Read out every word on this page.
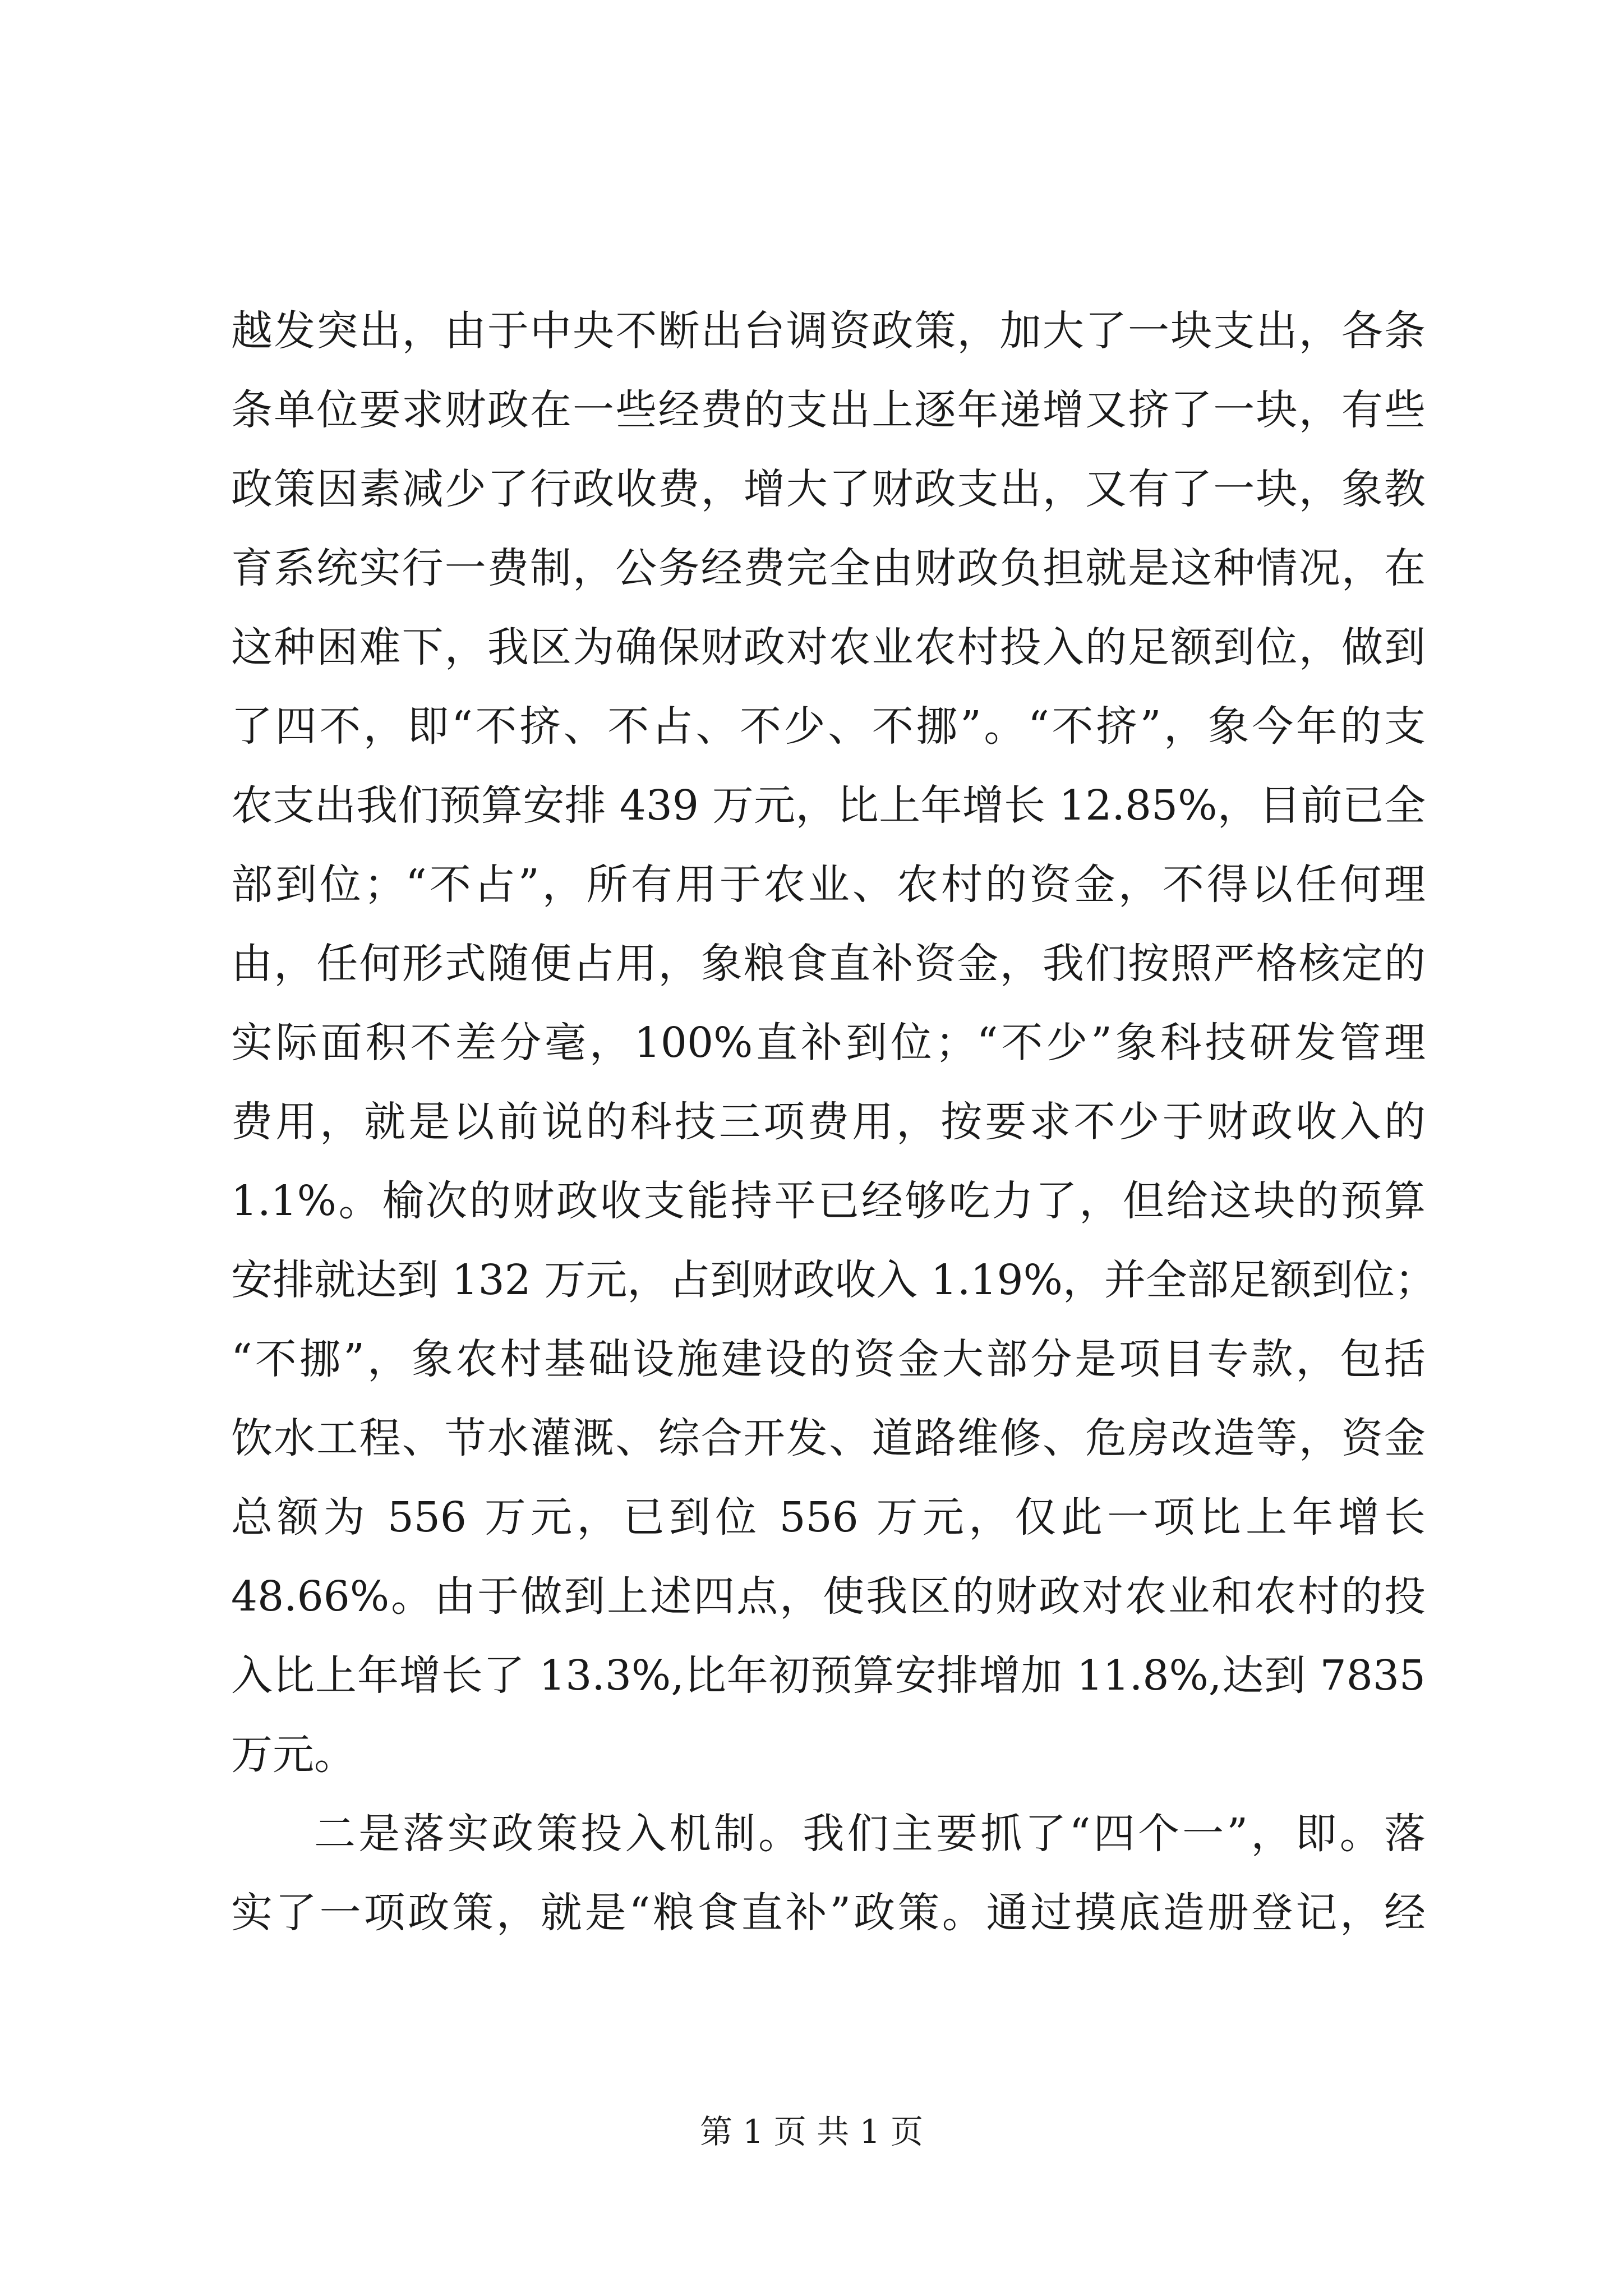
越发突出，由于中央不断出台调资政策，加大了一块支出，各条
条单位要求财政在一些经费的支出上逐年递增又挤了一块，有些
政策因素减少了行政收费，增大了财政支出，又有了一块，象教
育系统实行一费制，公务经费完全由财政负担就是这种情况，在
这种困难下，我区为确保财政对农业农村投入的足额到位，做到
了四不，即“不挤、不占、不少、不挪”。“不挤”，象今年的支
农支出我们预算安排 439 万元，比上年增长 12.85%，目前已全
部到位；“不占”，所有用于农业、农村的资金，不得以任何理
由，任何形式随便占用，象粮食直补资金，我们按照严格核定的
实际面积不差分毫，100%直补到位；“不少”象科技研发管理
费用，就是以前说的科技三项费用，按要求不少于财政收入的
1.1%。榆次的财政收支能持平已经够吃力了，但给这块的预算
安排就达到 132 万元，占到财政收入 1.19%，并全部足额到位；
“不挪”，象农村基础设施建设的资金大部分是项目专款，包括
饮水工程、节水灌溉、综合开发、道路维修、危房改造等，资金
总额为 556 万元，已到位 556 万元，仅此一项比上年增长
48.66%。由于做到上述四点，使我区的财政对农业和农村的投
入比上年增长了 13.3%,比年初预算安排增加 11.8%,达到 7835
万元。
二是落实政策投入机制。我们主要抓了“四个一”，即。落
实了一项政策，就是“粮食直补”政策。通过摸底造册登记，经
第 1 页 共 1 页
